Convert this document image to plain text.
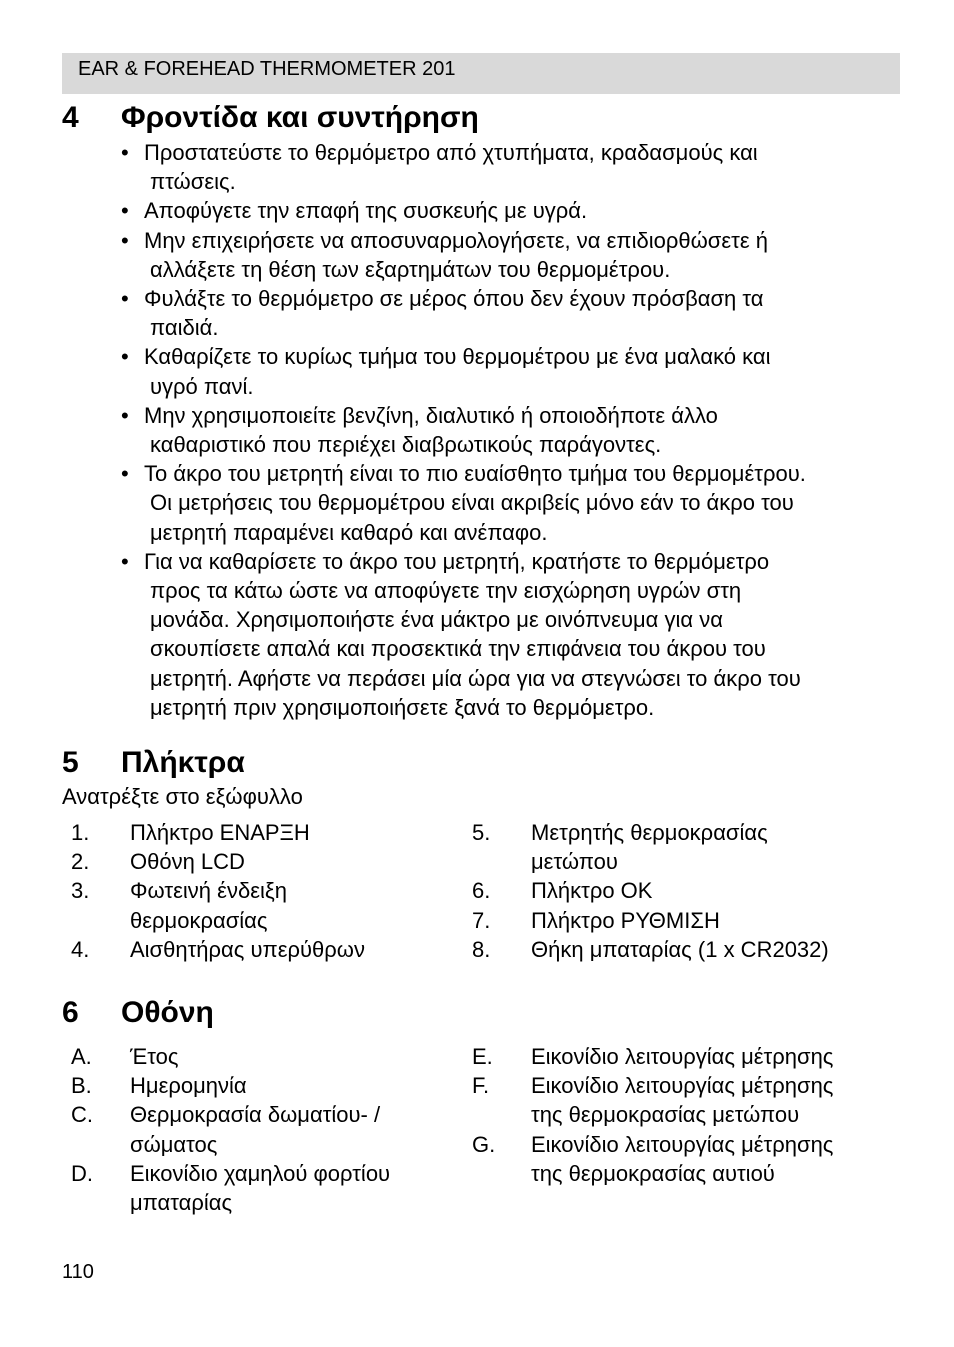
EAR & FOREHEAD THERMOMETER 201
4 Φροντίδα και συντήρηση
• Προστατεύστε το θερμόμετρο από χτυπήματα, κραδασμούς και
πτώσεις.
• Αποφύγετε την επαφή της συσκευής με υγρά.
• Μην επιχειρήσετε να αποσυναρμολογήσετε, να επιδιορθώσετε ή
αλλάξετε τη θέση των εξαρτημάτων του θερμομέτρου.
• Φυλάξτε το θερμόμετρο σε μέρος όπου δεν έχουν πρόσβαση τα
παιδιά.
• Καθαρίζετε το κυρίως τμήμα του θερμομέτρου με ένα μαλακό και
υγρό πανί.
• Μην χρησιμοποιείτε βενζίνη, διαλυτικό ή οποιοδήποτε άλλο
καθαριστικό που περιέχει διαβρωτικούς παράγοντες.
• Το άκρο του μετρητή είναι το πιο ευαίσθητο τμήμα του θερμομέτρου.
Οι μετρήσεις του θερμομέτρου είναι ακριβείς μόνο εάν το άκρο του
μετρητή παραμένει καθαρό και ανέπαφο.
• Για να καθαρίσετε το άκρο του μετρητή, κρατήστε το θερμόμετρο
προς τα κάτω ώστε να αποφύγετε την εισχώρηση υγρών στη
μονάδα. Χρησιμοποιήστε ένα μάκτρο με οινόπνευμα για να
σκουπίσετε απαλά και προσεκτικά την επιφάνεια του άκρου του
μετρητή. Αφήστε να περάσει μία ώρα για να στεγνώσει το άκρο του
μετρητή πριν χρησιμοποιήσετε ξανά το θερμόμετρο.
5 Πλήκτρα
Ανατρέξτε στο εξώφυλλο
1. Πλήκτρο ΕΝΑΡΞΗ
2. Οθόνη LCD
3. Φωτεινή ένδειξη
θερμοκρασίας
4. Αισθητήρας υπερύθρων
5. Μετρητής θερμοκρασίας
μετώπου
6. Πλήκτρο OK
7. Πλήκτρο ΡΥΘΜΙΣΗ
8. Θήκη μπαταρίας (1 x CR2032)
6 Οθόνη
A. Έτος
B. Ημερομηνία
C. Θερμοκρασία δωματίου- /
σώματος
D. Εικονίδιο χαμηλού φορτίου
μπαταρίας
E. Εικονίδιο λειτουργίας μέτρησης
F. Εικονίδιο λειτουργίας μέτρησης
της θερμοκρασίας μετώπου
G. Εικονίδιο λειτουργίας μέτρησης
της θερμοκρασίας αυτιού
110
